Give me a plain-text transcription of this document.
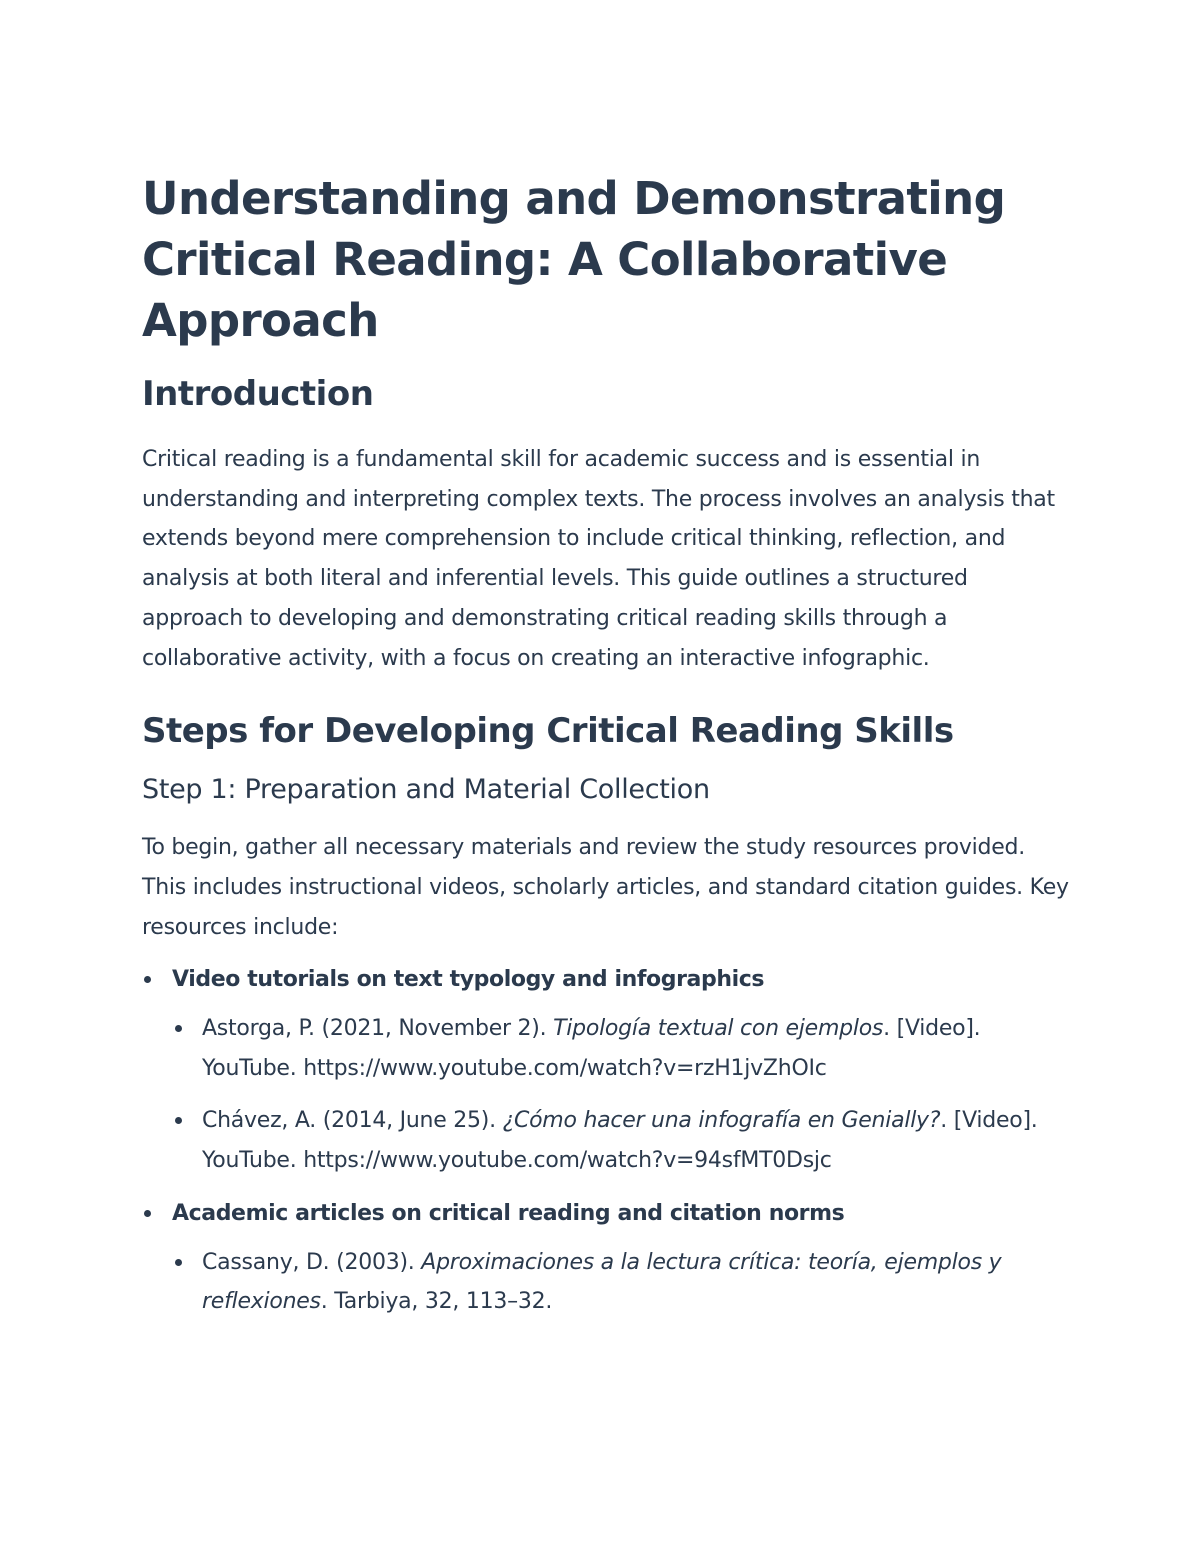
Understanding and Demonstrating Critical Reading: A Collaborative Approach
Introduction

Critical reading is a fundamental skill for academic success and is essential in understanding and interpreting complex texts. The process involves an analysis that extends beyond mere comprehension to include critical thinking, reflection, and analysis at both literal and inferential levels. This guide outlines a structured approach to developing and demonstrating critical reading skills through a collaborative activity, with a focus on creating an interactive infographic.

Steps for Developing Critical Reading Skills
Step 1: Preparation and Material Collection

To begin, gather all necessary materials and review the study resources provided. This includes instructional videos, scholarly articles, and standard citation guides. Key resources include:

Video tutorials on text typology and infographics
Astorga, P. (2021, November 2). Tipología textual con ejemplos. [Video]. YouTube. https://www.youtube.com/watch?v=rzH1jvZhOIc
Chávez, A. (2014, June 25). ¿Cómo hacer una infografía en Genially?. [Video]. YouTube. https://www.youtube.com/watch?v=94sfMT0Dsjc
Academic articles on critical reading and citation norms
Cassany, D. (2003). Aproximaciones a la lectura crítica: teoría, ejemplos y reflexiones. Tarbiya, 32, 113–32.
